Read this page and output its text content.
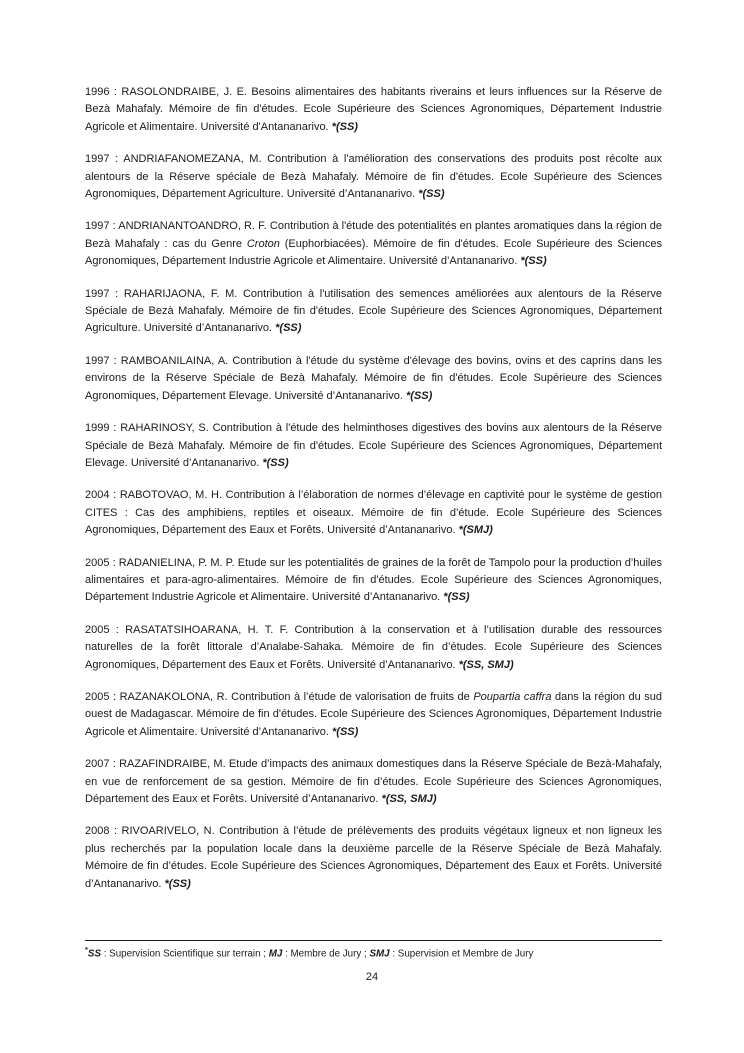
1996 : RASOLONDRAIBE, J. E. Besoins alimentaires des habitants riverains et leurs influences sur la Réserve de Bezà Mahafaly. Mémoire de fin d'études. Ecole Supérieure des Sciences Agronomiques, Département Industrie Agricole et Alimentaire. Université d'Antananarivo. *(SS)

1997 : ANDRIAFANOMEZANA, M. Contribution à l'amélioration des conservations des produits post récolte aux alentours de la Réserve spéciale de Bezà Mahafaly. Mémoire de fin d'études. Ecole Supérieure des Sciences Agronomiques, Département Agriculture. Université d’Antananarivo. *(SS)

1997 : ANDRIANANTOANDRO, R. F. Contribution à l'étude des potentialités en plantes aromatiques dans la région de Bezà Mahafaly : cas du Genre Croton (Euphorbiacées). Mémoire de fin d'études. Ecole Supérieure des Sciences Agronomiques, Département Industrie Agricole et Alimentaire. Université d’Antananarivo. *(SS)

1997 : RAHARIJAONA, F. M. Contribution à l'utilisation des semences améliorées aux alentours de la Réserve Spéciale de Bezà Mahafaly. Mémoire de fin d'études. Ecole Supérieure des Sciences Agronomiques, Département Agriculture. Université d’Antananarivo. *(SS)

1997 : RAMBOANILAINA, A. Contribution à l'étude du système d'élevage des bovins, ovins et des caprins dans les environs de la Réserve Spéciale de Bezà Mahafaly. Mémoire de fin d'études. Ecole Supérieure des Sciences Agronomiques, Département Elevage. Université d’Antananarivo. *(SS)

1999 : RAHARINOSY, S. Contribution à l'étude des helminthoses digestives des bovins aux alentours de la Réserve Spéciale de Bezà Mahafaly. Mémoire de fin d'études. Ecole Supérieure des Sciences Agronomiques, Département Elevage. Université d’Antananarivo. *(SS)

2004 : RABOTOVAO, M. H. Contribution à l’élaboration de normes d’élevage en captivité pour le système de gestion CITES : Cas des amphibiens, reptiles et oiseaux. Mémoire de fin d’étude. Ecole Supérieure des Sciences Agronomiques, Département des Eaux et Forêts. Université d’Antananarivo. *(SMJ)

2005 : RADANIELINA, P. M. P. Etude sur les potentialités de graines de la forêt de Tampolo pour la production d’huiles alimentaires et para-agro-alimentaires. Mémoire de fin d'études. Ecole Supérieure des Sciences Agronomiques, Département Industrie Agricole et Alimentaire. Université d’Antananarivo. *(SS)

2005 : RASATATSIHOARANA, H. T. F. Contribution à la conservation et à l’utilisation durable des ressources naturelles de la forêt littorale d’Analabe-Sahaka. Mémoire de fin d’études. Ecole Supérieure des Sciences Agronomiques, Département des Eaux et Forêts. Université d’Antananarivo. *(SS, SMJ)

2005 : RAZANAKOLONA, R. Contribution à l’étude de valorisation de fruits de Poupartia caffra dans la région du sud ouest de Madagascar. Mémoire de fin d'études. Ecole Supérieure des Sciences Agronomiques, Département Industrie Agricole et Alimentaire. Université d’Antananarivo. *(SS)

2007 : RAZAFINDRAIBE, M. Etude d’impacts des animaux domestiques dans la Réserve Spéciale de Bezà-Mahafaly, en vue de renforcement de sa gestion. Mémoire de fin d’études. Ecole Supérieure des Sciences Agronomiques, Département des Eaux et Forêts. Université d’Antananarivo. *(SS, SMJ)

2008 : RIVOARIVELO, N. Contribution à l’étude de prélèvements des produits végétaux ligneux et non ligneux les plus recherchés par la population locale dans la deuxième parcelle de la Réserve Spéciale de Bezà Mahafaly. Mémoire de fin d’études. Ecole Supérieure des Sciences Agronomiques, Département des Eaux et Forêts. Université d’Antananarivo. *(SS)

*SS : Supervision Scientifique sur terrain ; MJ : Membre de Jury ; SMJ : Supervision et Membre de Jury

24
